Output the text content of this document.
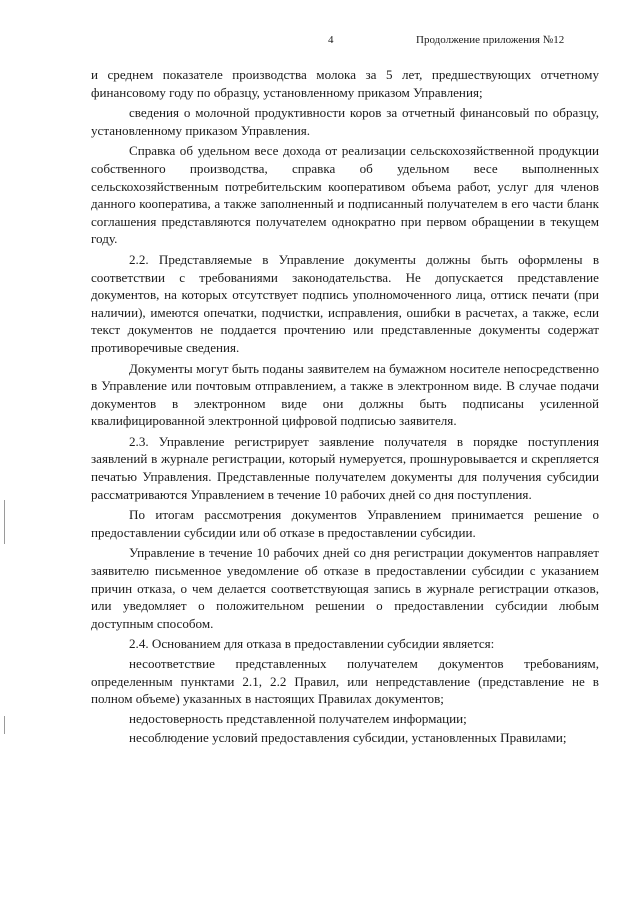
4	Продолжение приложения №12

и среднем показателе производства молока за 5 лет, предшествующих отчетному финансовому году по образцу, установленному приказом Управления;

сведения о молочной продуктивности коров за отчетный финансовый по образцу, установленному приказом Управления.

Справка об удельном весе дохода от реализации сельскохозяйственной продукции собственного производства, справка об удельном весе выполненных сельскохозяйственным потребительским кооперативом объема работ, услуг для членов данного кооператива, а также заполненный и подписанный получателем в его части бланк соглашения представляются получателем однократно при первом обращении в текущем году.

2.2. Представляемые в Управление документы должны быть оформлены в соответствии с требованиями законодательства. Не допускается представление документов, на которых отсутствует подпись уполномоченного лица, оттиск печати (при наличии), имеются опечатки, подчистки, исправления, ошибки в расчетах, а также, если текст документов не поддается прочтению или представленные документы содержат противоречивые сведения.

Документы могут быть поданы заявителем на бумажном носителе непосредственно в Управление или почтовым отправлением, а также в электронном виде. В случае подачи документов в электронном виде они должны быть подписаны усиленной квалифицированной электронной цифровой подписью заявителя.

2.3. Управление регистрирует заявление получателя в порядке поступления заявлений в журнале регистрации, который нумеруется, прошнуровывается и скрепляется печатью Управления. Представленные получателем документы для получения субсидии рассматриваются Управлением в течение 10 рабочих дней со дня поступления.

По итогам рассмотрения документов Управлением принимается решение о предоставлении субсидии или об отказе в предоставлении субсидии.

Управление в течение 10 рабочих дней со дня регистрации документов направляет заявителю письменное уведомление об отказе в предоставлении субсидии с указанием причин отказа, о чем делается соответствующая запись в журнале регистрации отказов, или уведомляет о положительном решении о предоставлении субсидии любым доступным способом.

2.4. Основанием для отказа в предоставлении субсидии является:

несоответствие представленных получателем документов требованиям, определенным пунктами 2.1, 2.2 Правил, или непредставление (представление не в полном объеме) указанных в настоящих Правилах документов;

недостоверность представленной получателем информации;

несоблюдение условий предоставления субсидии, установленных Правилами;
